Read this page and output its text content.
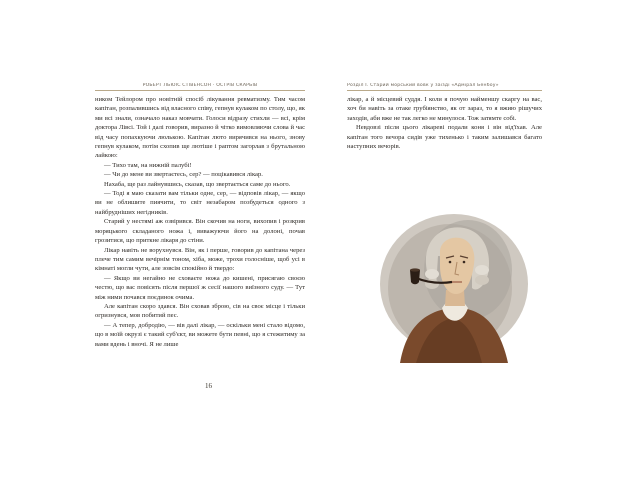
РОБЕРТ ЛЬЮЇС СТІВЕНСОН · ОСТРІВ СКАРБІВ

ником Тейлором про новітній спосіб лікування ревматизму. Тим часом капітан, розпалившись від власного співу, гепнув кулаком по столу, що, як ми всі знали, означало наказ мовчати. Голоси відразу стихли — всі, крім доктора Лівсі. Той і далі говорив, виразно й чітко вимовляючи слова й час від часу попахкуючи люлькою. Капітан люто вирячився на нього, знову гепнув кулаком, потім схопив ще лютіше і раптом загорлав з брутальною лайкою:

— Тихо там, на нижній палубі!

— Чи до мене ви звертаєтесь, сер? — поцікавився лікар.

Нахаба, ще раз лайнувшись, сказав, що звертається саме до нього.

— Тоді я маю сказати вам тільки одне, сер, — відповів лікар, — якщо ви не облишите пиячити, то світ незабаром позбудеться одного з найбрудніших негідників.

Старий у нестямі аж озвірився. Він скочив на ноги, вихопив і розкрив моряцького складаного ножа і, виважуючи його на долоні, почав грозитися, що приткне лікаря до стіни.

Лікар навіть не ворухнувся. Він, як і перше, говорив до капітана через плече тим самим вечірнім тоном, хіба, може, трохи голосніше, щоб усі в кімнаті могли чути, але зовсім спокійно й твердо:

— Якщо ви негайно не сховаєте ножа до кишені, присягаю своєю честю, що вас повісять після першої ж сесії нашого виїзного суду. — Тут між ними почався поєдинок очима.

Але капітан скоро здався. Він сховав зброю, сів на своє місце і тільки огризнувся, мов побитий пес.

— А тепер, добродію, — вів далі лікар, — оскільки мені стало відомо, що в моїй окрузі є такий суб'єкт, ви можете бути певні, що я стежитиму за вами вдень і вночі. Я не лише

16
Розділ I. Старий морський вовк у заїзді «Адмірал Бенбоу»

лікар, а й місцевий суддя. І коли я почую найменшу скаргу на вас, хоч би навіть за отаке грубіянство, як от зараз, то я вжию рішучих заходів, аби вже не так легко не минулося. Тож затямте собі.

Невдовзі після цього лікареві подали коня і він від'їхав. Але капітан того вечора сидів уже тихенько і таким залишався багато наступних вечорів.
